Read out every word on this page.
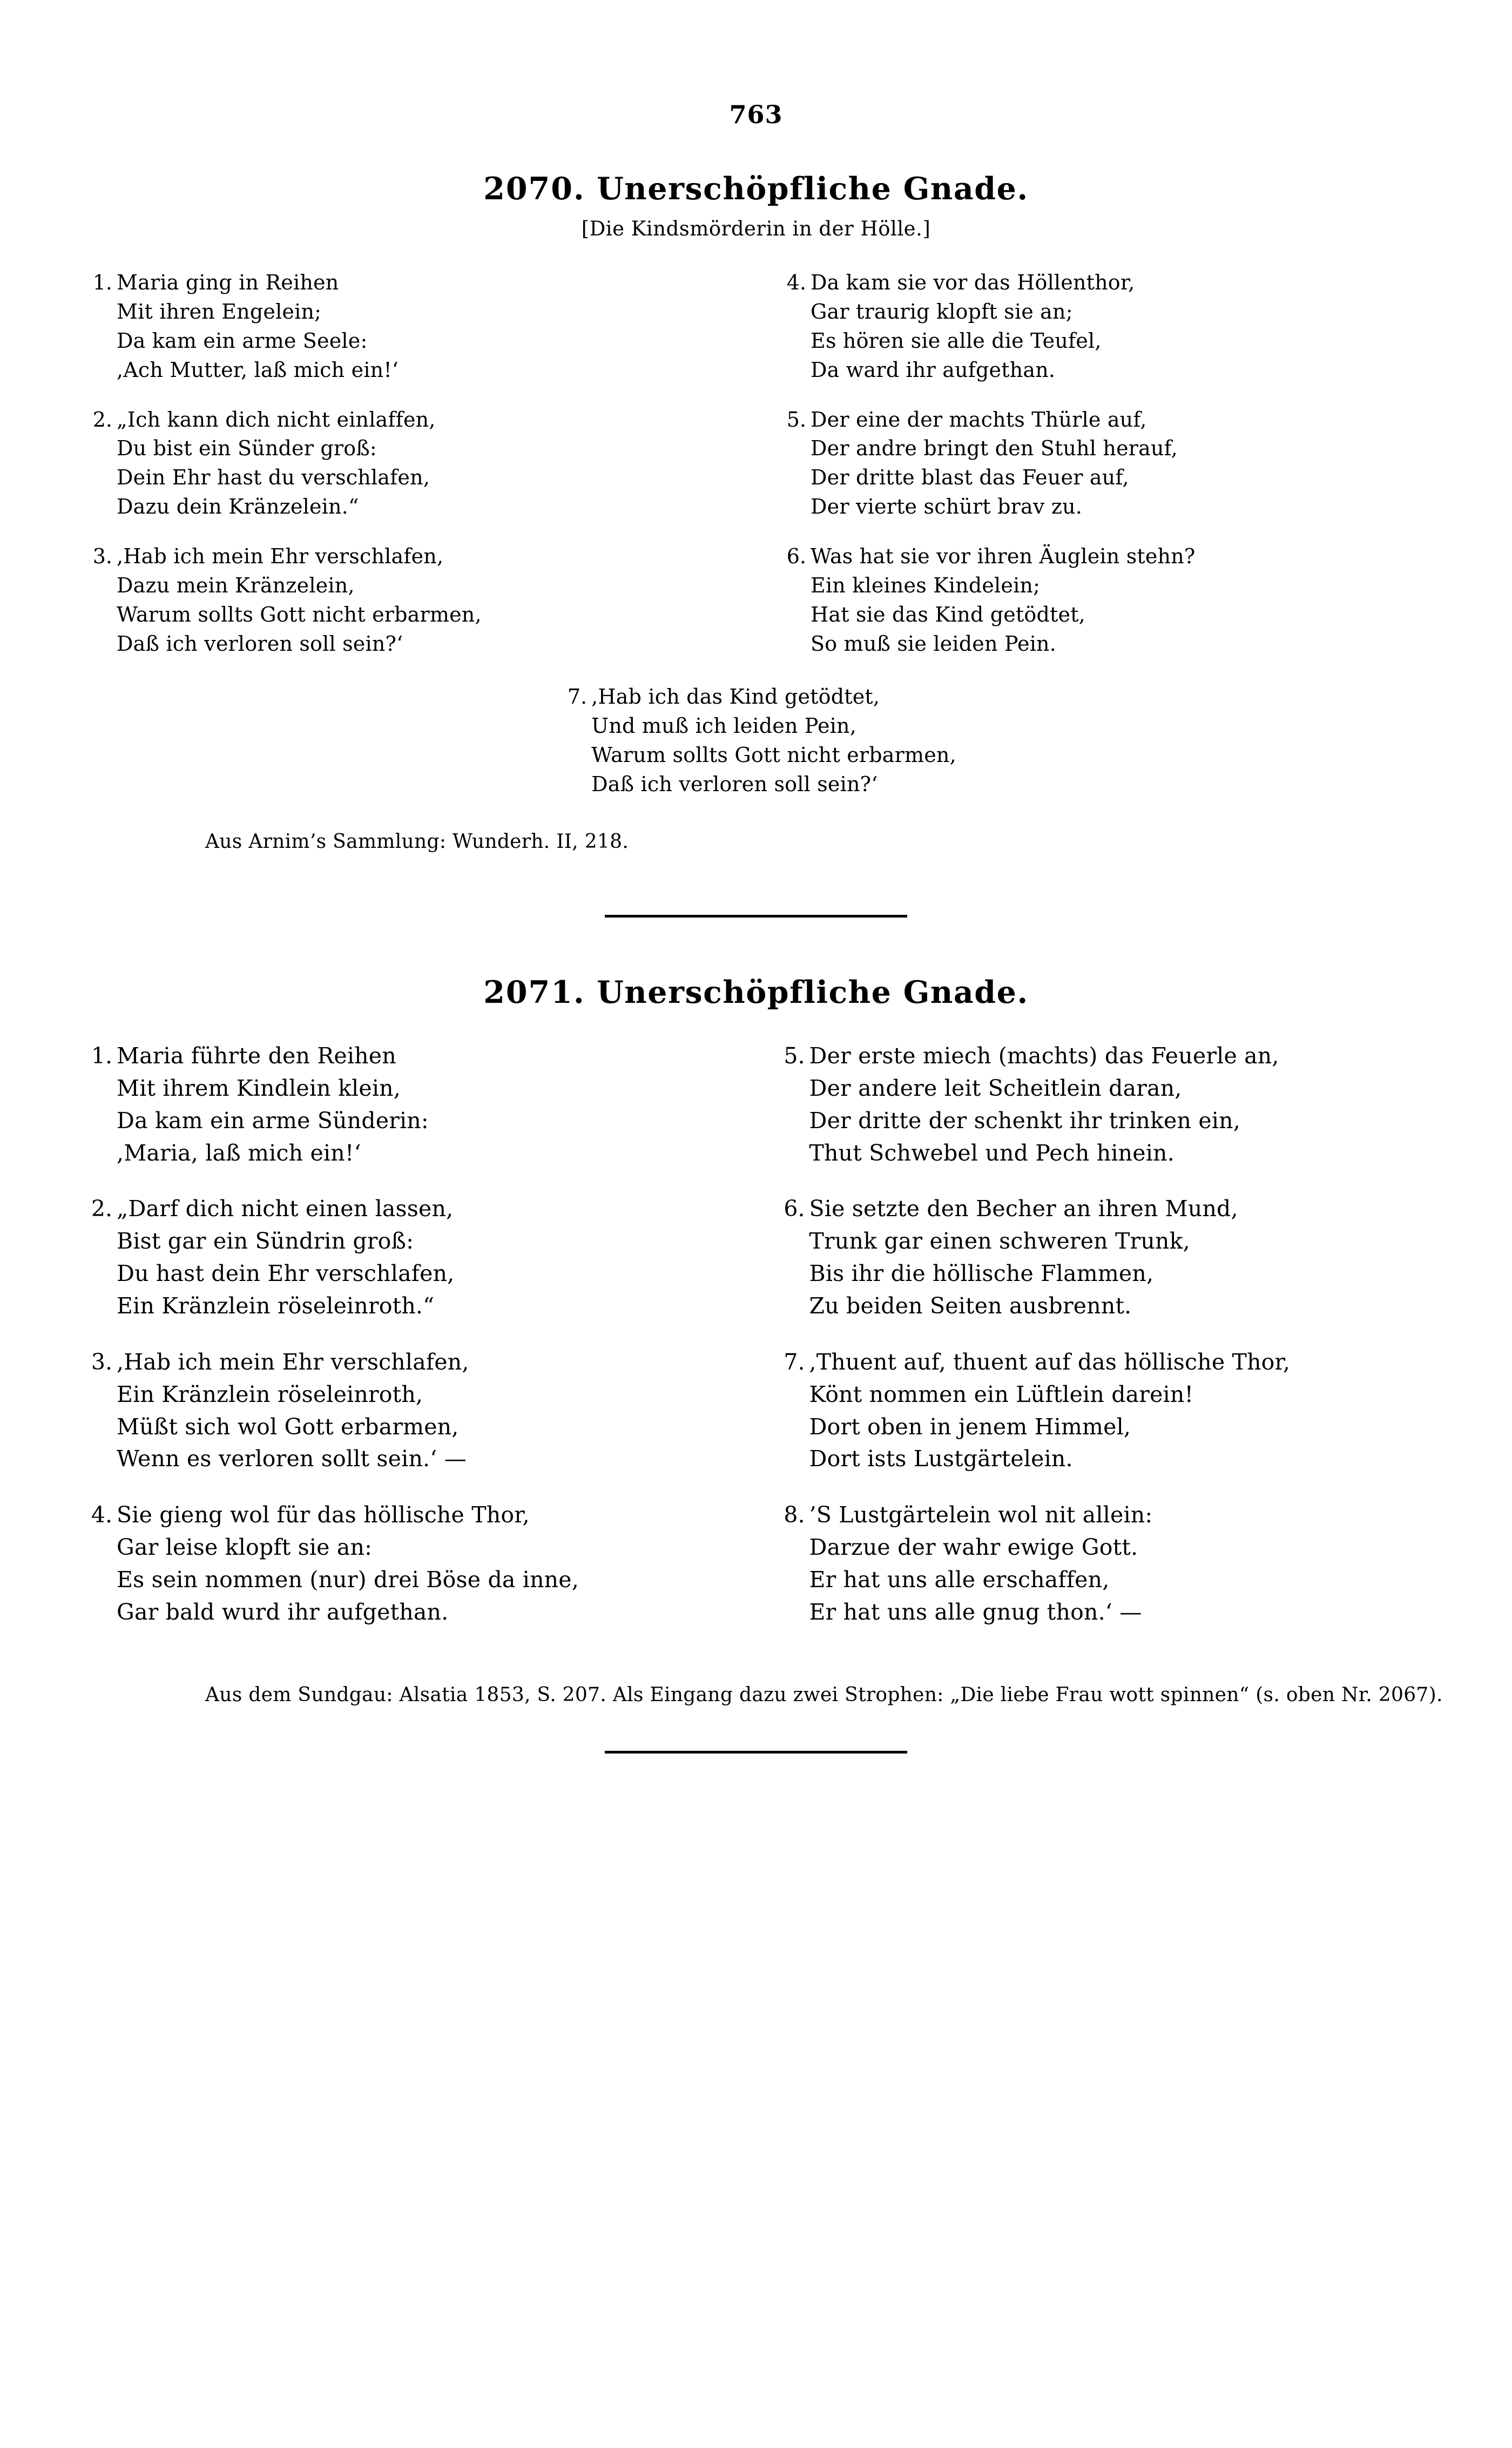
763
2070. Unerschöpfliche Gnade.
[Die Kindsmörderin in der Hölle.]
1. Maria ging in Reihen
Mit ihren Engelein;
Da kam ein arme Seele:
,Ach Mutter, laß mich ein!‘
2. „Ich kann dich nicht einlaffen,
Du bist ein Sünder groß:
Dein Ehr hast du verschlafen,
Dazu dein Kränzelein.“
3. ,Hab ich mein Ehr verschlafen,
Dazu mein Kränzelein,
Warum sollts Gott nicht erbarmen,
Daß ich verloren soll sein?‘
4. Da kam sie vor das Höllenthor,
Gar traurig klopft sie an;
Es hören sie alle die Teufel,
Da ward ihr aufgethan.
5. Der eine der machts Thürle auf,
Der andre bringt den Stuhl herauf,
Der dritte blast das Feuer auf,
Der vierte schürt brav zu.
6. Was hat sie vor ihren Äuglein stehn?
Ein kleines Kindelein;
Hat sie das Kind getödtet,
So muß sie leiden Pein.
7. ,Hab ich das Kind getödtet,
Und muß ich leiden Pein,
Warum sollts Gott nicht erbarmen,
Daß ich verloren soll sein?‘
Aus Arnim’s Sammlung: Wunderh. II, 218.
2071. Unerschöpfliche Gnade.
1. Maria führte den Reihen
Mit ihrem Kindlein klein,
Da kam ein arme Sünderin:
,Maria, laß mich ein!‘
2. „Darf dich nicht einen lassen,
Bist gar ein Sündrin groß:
Du hast dein Ehr verschlafen,
Ein Kränzlein röseleinroth.“
3. ,Hab ich mein Ehr verschlafen,
Ein Kränzlein röseleinroth,
Müßt sich wol Gott erbarmen,
Wenn es verloren sollt sein.‘ —
4. Sie gieng wol für das höllische Thor,
Gar leise klopft sie an:
Es sein nommen (nur) drei Böse da inne,
Gar bald wurd ihr aufgethan.
5. Der erste miech (machts) das Feuerle an,
Der andere leit Scheitlein daran,
Der dritte der schenkt ihr trinken ein,
Thut Schwebel und Pech hinein.
6. Sie setzte den Becher an ihren Mund,
Trunk gar einen schweren Trunk,
Bis ihr die höllische Flammen,
Zu beiden Seiten ausbrennt.
7. ,Thuent auf, thuent auf das höllische Thor,
Könt nommen ein Lüftlein darein!
Dort oben in jenem Himmel,
Dort ists Lustgärtelein.
8. ’S Lustgärtelein wol nit allein:
Darzue der wahr ewige Gott.
Er hat uns alle erschaffen,
Er hat uns alle gnug thon.‘ —
Aus dem Sundgau: Alsatia 1853, S. 207. Als Eingang dazu zwei Strophen: „Die liebe Frau wott spinnen“ (s. oben Nr. 2067).
